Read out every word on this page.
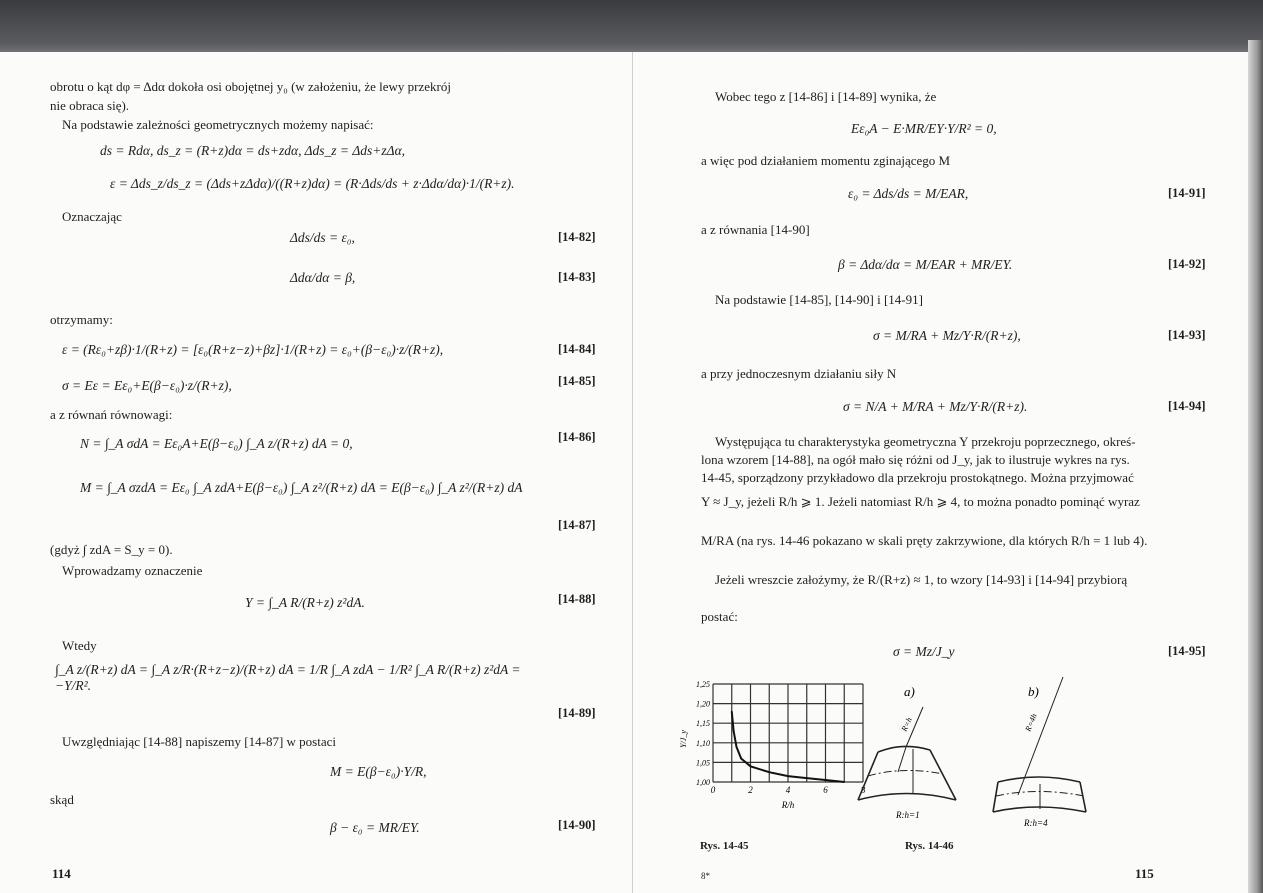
obrotu o kąt dφ = Δdα dokoła osi obojętnej y₀ (w założeniu, że lewy przekrój
nie obraca się).
Na podstawie zależności geometrycznych możemy napisać:
ds = Rdα, ds_z = (R+z)dα = ds+zdα, Δds_z = Δds+zΔα,
ε = Δds_z/ds_z = (Δds+zΔdα)/((R+z)dα) = (R·Δds/ds + z·Δdα/dα)·1/(R+z).
Oznaczając
Δds/ds = ε₀,	[14-82]
Δdα/dα = β,	[14-83]
otrzymamy:
ε = (Rε₀+zβ)·1/(R+z) = [ε₀(R+z−z)+βz]·1/(R+z) = ε₀+(β−ε₀)·z/(R+z),	[14-84]
σ = Eε = Eε₀+E(β−ε₀)·z/(R+z),	[14-85]
a z równań równowagi:
N = ∫_A σdA = Eε₀A+E(β−ε₀) ∫_A z/(R+z) dA = 0,	[14-86]
M = ∫_A σzdA = Eε₀ ∫_A zdA+E(β−ε₀) ∫_A z²/(R+z) dA = E(β−ε₀) ∫_A z²/(R+z) dA
[14-87]
(gdyż ∫ zdA = S_y = 0).
Wprowadzamy oznaczenie
Y = ∫_A R/(R+z) z²dA.	[14-88]
Wtedy
∫_A z/(R+z) dA = ∫_A z/R·(R+z−z)/(R+z) dA = 1/R ∫_A zdA − 1/R² ∫_A R/(R+z) z²dA = −Y/R².
[14-89]
Uwzględniając [14-88] napiszemy [14-87] w postaci
M = E(β−ε₀)·Y/R,
skąd
β − ε₀ = MR/EY.	[14-90]
114
Wobec tego z [14-86] i [14-89] wynika, że
Eε₀A − E·MR/EY·Y/R² = 0,
a więc pod działaniem momentu zginającego M
ε₀ = Δds/ds = M/EAR,	[14-91]
a z równania [14-90]
β = Δdα/dα = M/EAR + MR/EY.	[14-92]
Na podstawie [14-85], [14-90] i [14-91]
σ = M/RA + Mz/Y·R/(R+z),	[14-93]
a przy jednoczesnym działaniu siły N
σ = N/A + M/RA + Mz/Y·R/(R+z).	[14-94]
Występująca tu charakterystyka geometryczna Y przekroju poprzecznego, okreś-
lona wzorem [14-88], na ogół mało się różni od J_y, jak to ilustruje wykres na rys.
14-45, sporządzony przykładowo dla przekroju prostokątnego. Można przyjmować
Y ≈ J_y, jeżeli R/h ⩾ 1. Jeżeli natomiast R/h ⩾ 4, to można ponadto pominąć wyraz
M/RA (na rys. 14-46 pokazano w skali pręty zakrzywione, dla których R/h = 1 lub 4).
Jeżeli wreszcie założymy, że R/(R+z) ≈ 1, to wzory [14-93] i [14-94] przybiorą
postać:
σ = Mz/J_y	[14-95]
1,00
1,05
1,10
1,15
1,20
1,25
0	2	4	6	8
R/h
Y/J_y
a)	b)
R=h	R=4h
R:h=1
R:h=4
Rys. 14-45	Rys. 14-46
8*	115
